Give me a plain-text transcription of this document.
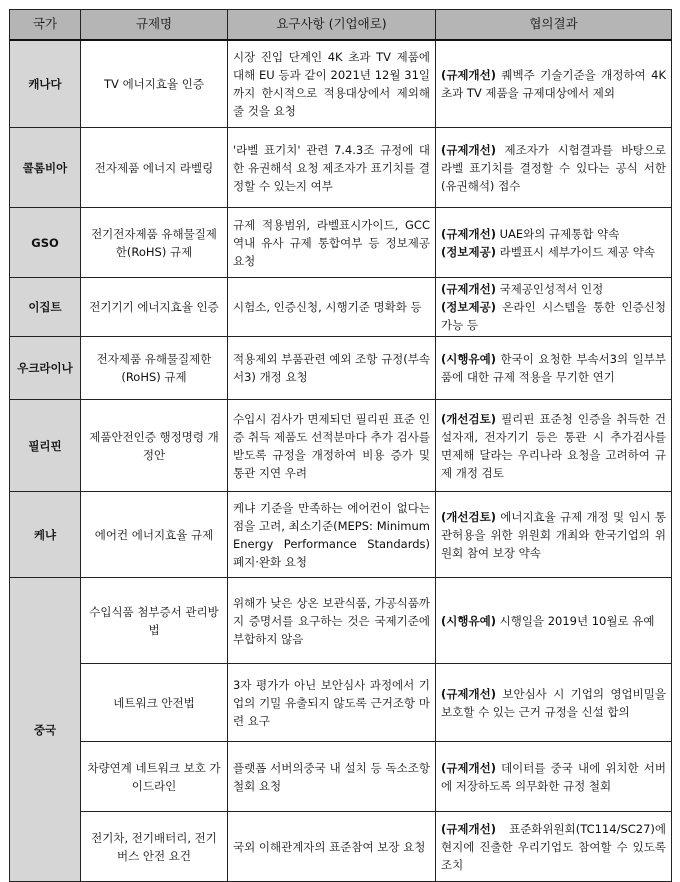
국가	규제명	요구사항 (기업애로)	협의결과
캐나다	TV 에너지효율 인증	시장 진입 단계인 4K 초과 TV 제품에 대해 EU 등과 같이 2021년 12월 31일까지 한시적으로 적용대상에서 제외해 줄 것을 요청	(규제개선) 퀘벡주 기술기준을 개정하여 4K 초과 TV 제품을 규제대상에서 제외
콜롬비아	전자제품 에너지 라벨링	'라벨 표기치' 관련 7.4.3조 규정에 대한 유권해석 요청 제조자가 표기치를 결정할 수 있는지 여부	(규제개선) 제조자가 시험결과를 바탕으로 라벨 표기치를 결정할 수 있다는 공식 서한(유권해석) 접수
GSO	전기전자제품 유해물질제한(RoHS) 규제	규제 적용범위, 라벨표시가이드, GCC 역내 유사 규제 통합여부 등 정보제공 요청	(규제개선) UAE와의 규제통합 약속
(정보제공) 라벨표시 세부가이드 제공 약속
이집트	전기기기 에너지효율 인증	시험소, 인증신청, 시행기준 명확화 등	(규제개선) 국제공인성적서 인정
(정보제공) 온라인 시스템을 통한 인증신청 가능 등
우크라이나	전자제품 유해물질제한(RoHS) 규제	적용제외 부품관련 예외 조항 규정(부속서3) 개정 요청	(시행유예) 한국이 요청한 부속서3의 일부부품에 대한 규제 적용을 무기한 연기
필리핀	제품안전인증 행정명령 개정안	수입시 검사가 면제되던 필리핀 표준 인증 취득 제품도 선적분마다 추가 검사를 받도록 규정을 개정하여 비용 증가 및 통관 지연 우려	(개선검토) 필리핀 표준청 인증을 취득한 건설자재, 전자기기 등은 통관 시 추가검사를 면제해 달라는 우리나라 요청을 고려하여 규제 개정 검토
케냐	에어컨 에너지효율 규제	케냐 기준을 만족하는 에어컨이 없다는 점을 고려, 최소기준(MEPS: Minimum Energy Performance Standards) 폐지·완화 요청	(개선검토) 에너지효율 규제 개정 및 임시 통관허용을 위한 위원회 개최와 한국기업의 위원회 참여 보장 약속
중국	수입식품 첨부증서 관리방법	위해가 낮은 상온 보관식품, 가공식품까지 증명서를 요구하는 것은 국제기준에 부합하지 않음	(시행유예) 시행일을 2019년 10월로 유예
	네트워크 안전법	3자 평가가 아닌 보안심사 과정에서 기업의 기밀 유출되지 않도록 근거조항 마련 요구	(규제개선) 보안심사 시 기업의 영업비밀을 보호할 수 있는 근거 규정을 신설 합의
	차량연계 네트워크 보호 가이드라인	플랫폼 서버의중국 내 설치 등 독소조항 철회 요청	(규제개선) 데이터를 중국 내에 위치한 서버에 저장하도록 의무화한 규정 철회
	전기차, 전기배터리, 전기버스 안전 요건	국외 이해관계자의 표준참여 보장 요청	(규제개선) 표준화위원회(TC114/SC27)에 현지에 진출한 우리기업도 참여할 수 있도록 조치
